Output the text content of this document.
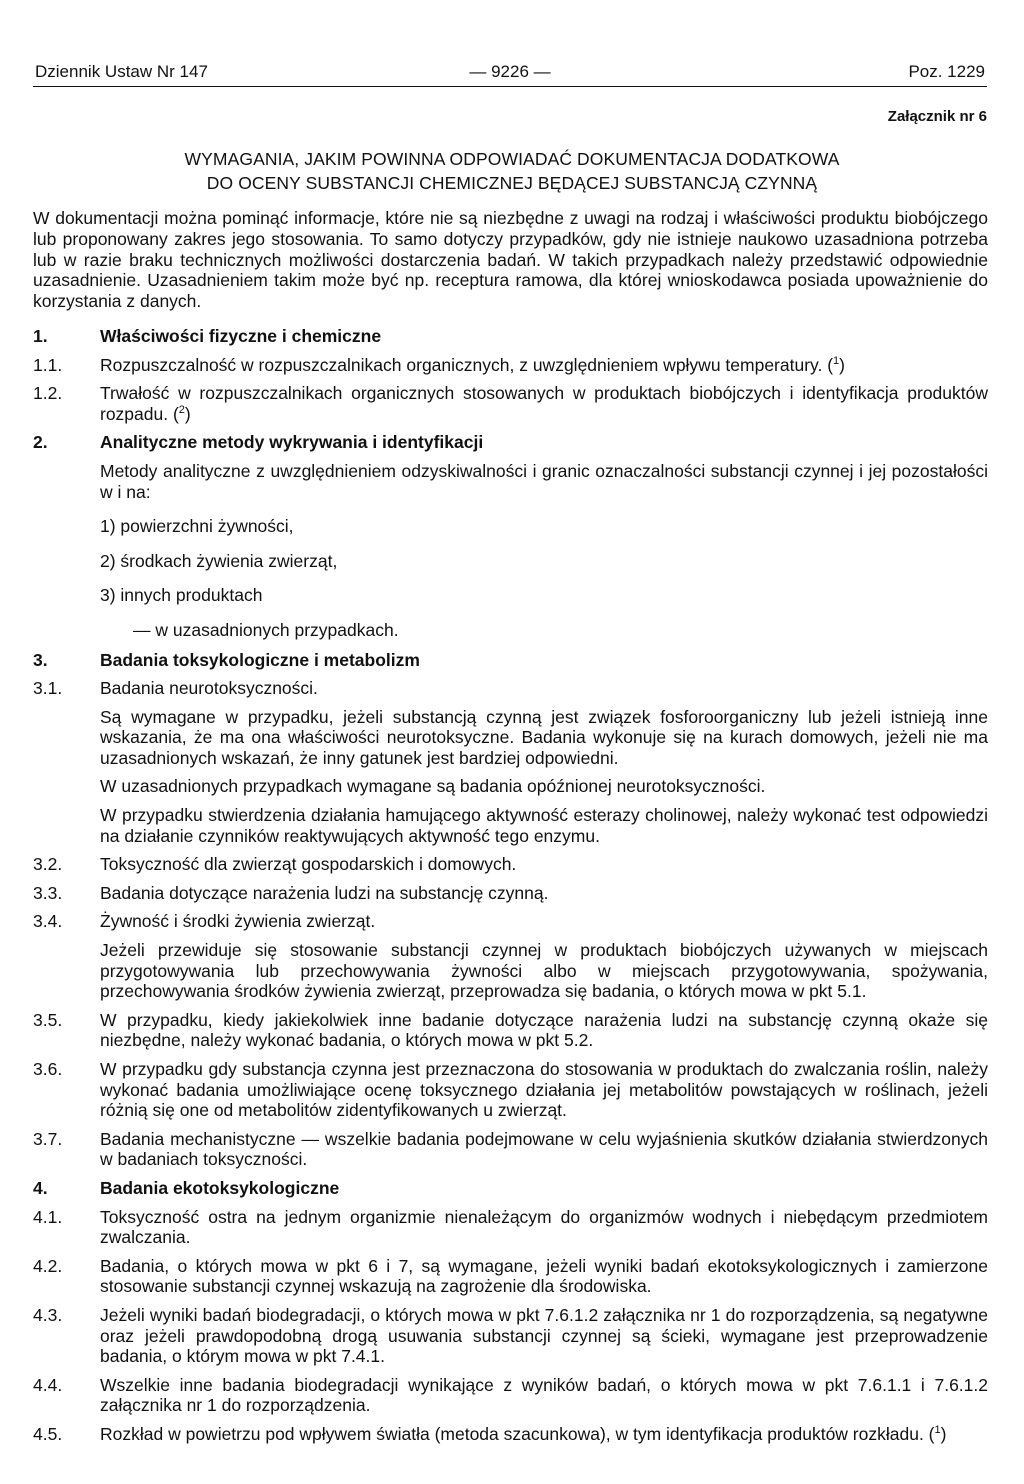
Dziennik Ustaw Nr 147	— 9226 —	Poz. 1229
Załącznik nr 6
WYMAGANIA, JAKIM POWINNA ODPOWIADAĆ DOKUMENTACJA DODATKOWA
DO OCENY SUBSTANCJI CHEMICZNEJ BĘDĄCEJ SUBSTANCJĄ CZYNNĄ

W dokumentacji można pominąć informacje, które nie są niezbędne z uwagi na rodzaj i właściwości produktu biobójczego lub proponowany zakres jego stosowania. To samo dotyczy przypadków, gdy nie istnieje naukowo uzasadniona potrzeba lub w razie braku technicznych możliwości dostarczenia badań. W takich przypadkach należy przedstawić odpowiednie uzasadnienie. Uzasadnieniem takim może być np. receptura ramowa, dla której wnioskodawca posiada upoważnienie do korzystania z danych.

1.	Właściwości fizyczne i chemiczne
1.1.	Rozpuszczalność w rozpuszczalnikach organicznych, z uwzględnieniem wpływu temperatury. ($^1$)
1.2.	Trwałość w rozpuszczalnikach organicznych stosowanych w produktach biobójczych i identyfikacja produktów rozpadu. ($^2$)
2.	Analityczne metody wykrywania i identyfikacji
Metody analityczne z uwzględnieniem odzyskiwalności i granic oznaczalności substancji czynnej i jej pozostałości w i na:
1) powierzchni żywności,
2) środkach żywienia zwierząt,
3) innych produktach
— w uzasadnionych przypadkach.
3.	Badania toksykologiczne i metabolizm
3.1.	Badania neurotoksyczności.
Są wymagane w przypadku, jeżeli substancją czynną jest związek fosforoorganiczny lub jeżeli istnieją inne wskazania, że ma ona właściwości neurotoksyczne. Badania wykonuje się na kurach domowych, jeżeli nie ma uzasadnionych wskazań, że inny gatunek jest bardziej odpowiedni.
W uzasadnionych przypadkach wymagane są badania opóźnionej neurotoksyczności.
W przypadku stwierdzenia działania hamującego aktywność esterazy cholinowej, należy wykonać test odpowiedzi na działanie czynników reaktywujących aktywność tego enzymu.
3.2.	Toksyczność dla zwierząt gospodarskich i domowych.
3.3.	Badania dotyczące narażenia ludzi na substancję czynną.
3.4.	Żywność i środki żywienia zwierząt.
Jeżeli przewiduje się stosowanie substancji czynnej w produktach biobójczych używanych w miejscach przygotowywania lub przechowywania żywności albo w miejscach przygotowywania, spożywania, przechowywania środków żywienia zwierząt, przeprowadza się badania, o których mowa w pkt 5.1.
3.5.	W przypadku, kiedy jakiekolwiek inne badanie dotyczące narażenia ludzi na substancję czynną okaże się niezbędne, należy wykonać badania, o których mowa w pkt 5.2.
3.6.	W przypadku gdy substancja czynna jest przeznaczona do stosowania w produktach do zwalczania roślin, należy wykonać badania umożliwiające ocenę toksycznego działania jej metabolitów powstających w roślinach, jeżeli różnią się one od metabolitów zidentyfikowanych u zwierząt.
3.7.	Badania mechanistyczne — wszelkie badania podejmowane w celu wyjaśnienia skutków działania stwierdzonych w badaniach toksyczności.
4.	Badania ekotoksykologiczne
4.1.	Toksyczność ostra na jednym organizmie nienależącym do organizmów wodnych i niebędącym przedmiotem zwalczania.
4.2.	Badania, o których mowa w pkt 6 i 7, są wymagane, jeżeli wyniki badań ekotoksykologicznych i zamierzone stosowanie substancji czynnej wskazują na zagrożenie dla środowiska.
4.3.	Jeżeli wyniki badań biodegradacji, o których mowa w pkt 7.6.1.2 załącznika nr 1 do rozporządzenia, są negatywne oraz jeżeli prawdopodobną drogą usuwania substancji czynnej są ścieki, wymagane jest przeprowadzenie badania, o którym mowa w pkt 7.4.1.
4.4.	Wszelkie inne badania biodegradacji wynikające z wyników badań, o których mowa w pkt 7.6.1.1 i 7.6.1.2 załącznika nr 1 do rozporządzenia.
4.5.	Rozkład w powietrzu pod wpływem światła (metoda szacunkowa), w tym identyfikacja produktów rozkładu. ($^1$)
